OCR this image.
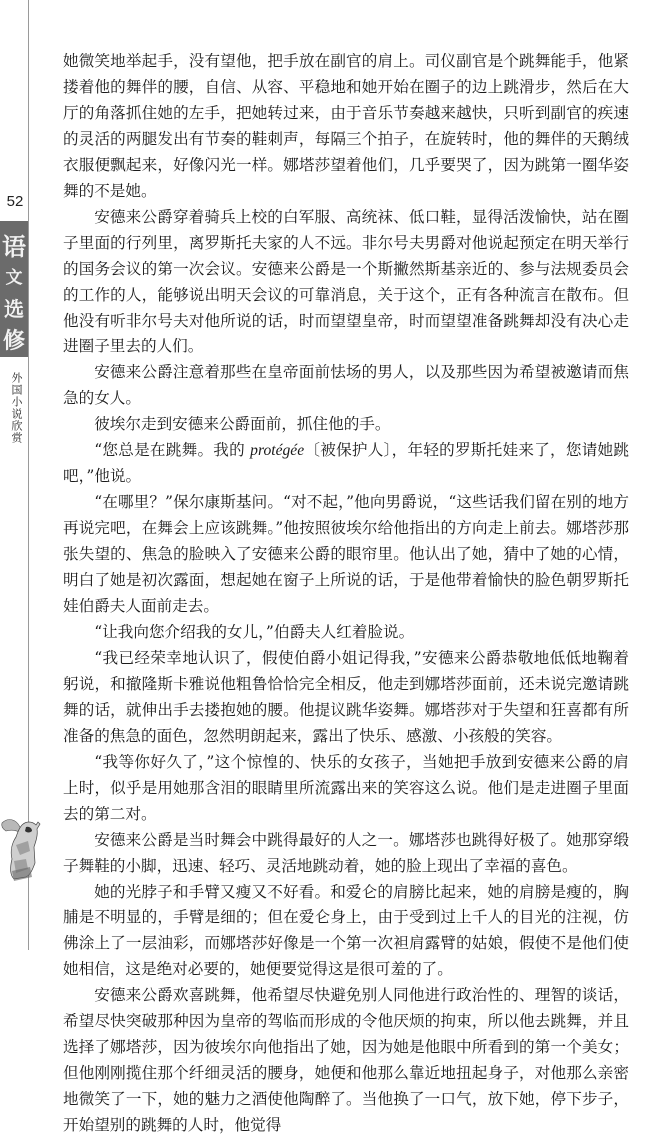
52
语
文
选
修
外国小说欣赏

她微笑地举起手，没有望他，把手放在副官的肩上。司仪副官是个跳舞能手，他紧搂着他的舞伴的腰，自信、从容、平稳地和她开始在圈子的边上跳滑步，然后在大厅的角落抓住她的左手，把她转过来，由于音乐节奏越来越快，只听到副官的疾速的灵活的两腿发出有节奏的鞋刺声，每隔三个拍子，在旋转时，他的舞伴的天鹅绒衣服便飘起来，好像闪光一样。娜塔莎望着他们，几乎要哭了，因为跳第一圈华姿舞的不是她。

安德来公爵穿着骑兵上校的白军服、高统袜、低口鞋，显得活泼愉快，站在圈子里面的行列里，离罗斯托夫家的人不远。非尔号夫男爵对他说起预定在明天举行的国务会议的第一次会议。安德来公爵是一个斯撇然斯基亲近的、参与法规委员会的工作的人，能够说出明天会议的可靠消息，关于这个，正有各种流言在散布。但他没有听非尔号夫对他所说的话，时而望望皇帝，时而望望准备跳舞却没有决心走进圈子里去的人们。

安德来公爵注意着那些在皇帝面前怯场的男人，以及那些因为希望被邀请而焦急的女人。

彼埃尔走到安德来公爵面前，抓住他的手。

“您总是在跳舞。我的 protégée〔被保护人〕，年轻的罗斯托娃来了，您请她跳吧，”他说。

“在哪里？”保尔康斯基问。“对不起，”他向男爵说，“这些话我们留在别的地方再说完吧，在舞会上应该跳舞。”他按照彼埃尔给他指出的方向走上前去。娜塔莎那张失望的、焦急的脸映入了安德来公爵的眼帘里。他认出了她，猜中了她的心情，明白了她是初次露面，想起她在窗子上所说的话，于是他带着愉快的脸色朝罗斯托娃伯爵夫人面前走去。

“让我向您介绍我的女儿，”伯爵夫人红着脸说。

“我已经荣幸地认识了，假使伯爵小姐记得我，”安德来公爵恭敬地低低地鞠着躬说，和撤隆斯卡雅说他粗鲁恰恰完全相反，他走到娜塔莎面前，还未说完邀请跳舞的话，就伸出手去搂抱她的腰。他提议跳华姿舞。娜塔莎对于失望和狂喜都有所准备的焦急的面色，忽然明朗起来，露出了快乐、感激、小孩般的笑容。

“我等你好久了，”这个惊惶的、快乐的女孩子，当她把手放到安德来公爵的肩上时，似乎是用她那含泪的眼睛里所流露出来的笑容这么说。他们是走进圈子里面去的第二对。

安德来公爵是当时舞会中跳得最好的人之一。娜塔莎也跳得好极了。她那穿缎子舞鞋的小脚，迅速、轻巧、灵活地跳动着，她的脸上现出了幸福的喜色。

她的光脖子和手臂又瘦又不好看。和爱仑的肩膀比起来，她的肩膀是瘦的，胸脯是不明显的，手臂是细的；但在爱仑身上，由于受到过上千人的目光的注视，仿佛涂上了一层油彩，而娜塔莎好像是一个第一次袒肩露臂的姑娘，假使不是他们使她相信，这是绝对必要的，她便要觉得这是很可羞的了。

安德来公爵欢喜跳舞，他希望尽快避免别人同他进行政治性的、理智的谈话，希望尽快突破那种因为皇帝的驾临而形成的令他厌烦的拘束，所以他去跳舞，并且选择了娜塔莎，因为彼埃尔向他指出了她，因为她是他眼中所看到的第一个美女；但他刚刚揽住那个纤细灵活的腰身，她便和他那么靠近地扭起身子，对他那么亲密地微笑了一下，她的魅力之酒使他陶醉了。当他换了一口气，放下她，停下步子，开始望别的跳舞的人时，他觉得
